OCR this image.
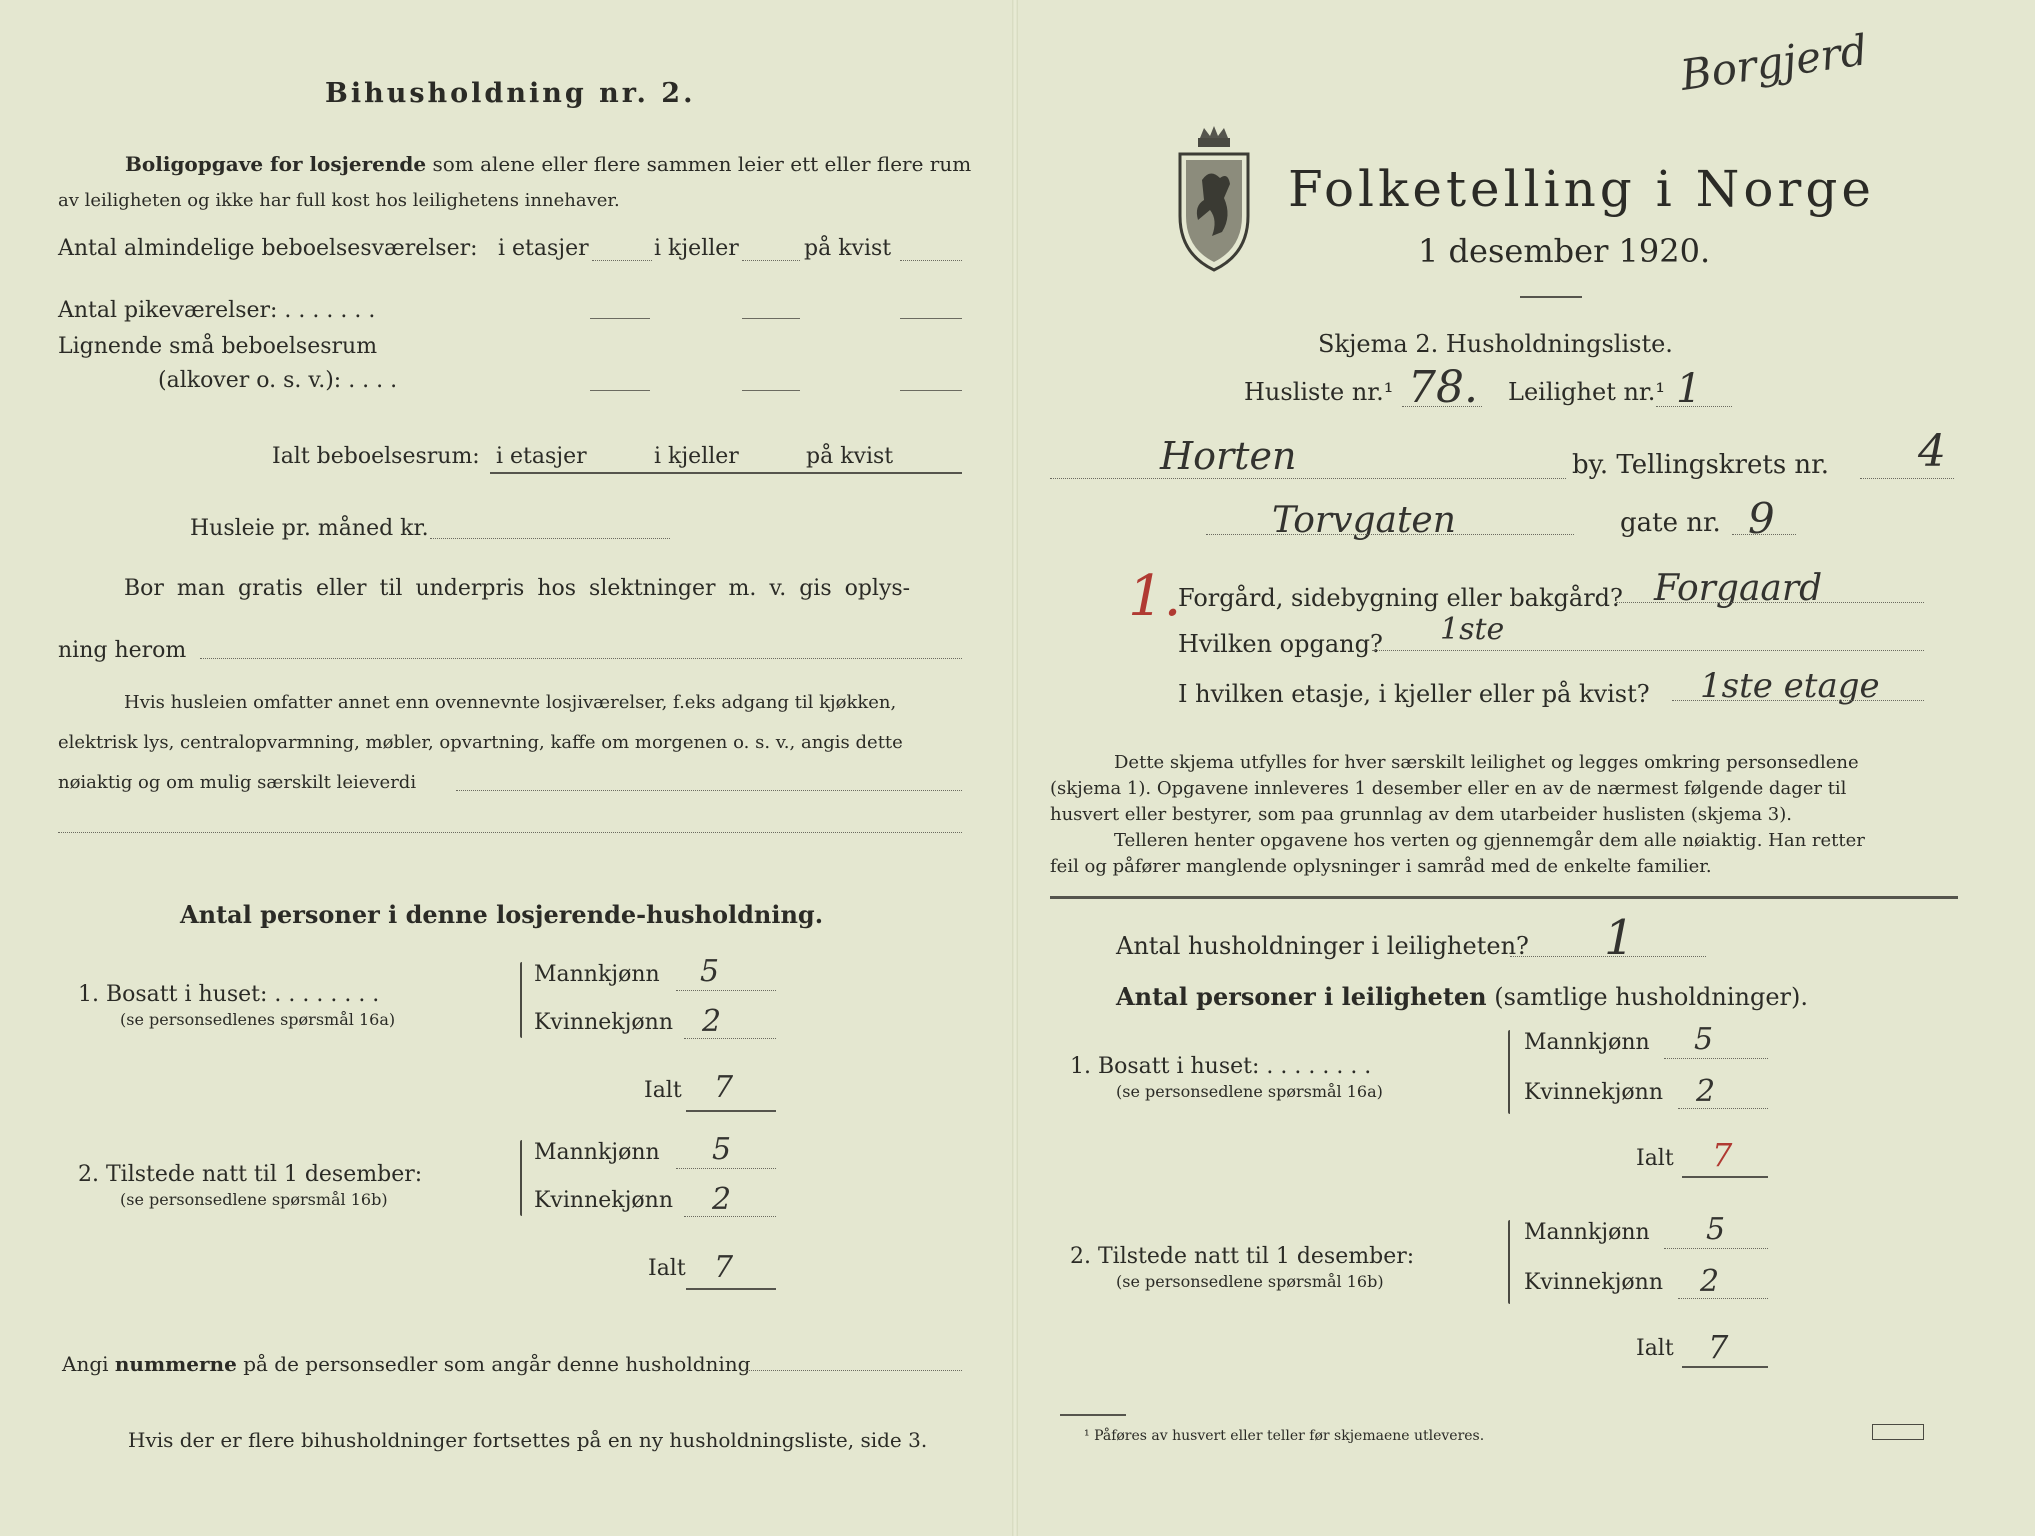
Bihusholdning nr. 2.
Boligopgave for losjerende som alene eller flere sammen leier ett eller flere rum
av leiligheten og ikke har full kost hos leilighetens innehaver.
Antal almindelige beboelsesværelser: i etasjer	i kjeller	på kvist
Antal pikeværelser: . . . . . . .
Lignende små beboelsesrum
(alkover o. s. v.): . . . .
Ialt beboelsesrum: i etasjer	i kjeller	på kvist
Husleie pr. måned kr.
Bor man gratis eller til underpris hos slektninger m. v. gis oplys-
ning herom
Hvis husleien omfatter annet enn ovennevnte losjiværelser, f.eks adgang til kjøkken,
elektrisk lys, centralopvarmning, møbler, opvartning, kaffe om morgenen o. s. v., angis dette
nøiaktig og om mulig særskilt leieverdi
Antal personer i denne losjerende-husholdning.
1. Bosatt i huset: . . . . . . . .
(se personsedlenes spørsmål 16a)
Mannkjønn 5
Kvinnekjønn 2
Ialt 7
2. Tilstede natt til 1 desember:
(se personsedlene spørsmål 16b)
Mannkjønn 5
Kvinnekjønn 2
Ialt 7
Angi nummerne på de personsedler som angår denne husholdning
Hvis der er flere bihusholdninger fortsettes på en ny husholdningsliste, side 3.
Borgjerd
Folketelling i Norge
1 desember 1920.
Skjema 2. Husholdningsliste.
Husliste nr.¹ 78. Leilighet nr.¹ 1
Horten	by. Tellingskrets nr. 4
Torvgaten	gate nr. 9
1.
Forgård, sidebygning eller bakgård? Forgaard
Hvilken opgang? 1ste
I hvilken etasje, i kjeller eller på kvist? 1ste etage
Dette skjema utfylles for hver særskilt leilighet og legges omkring personsedlene
(skjema 1). Opgavene innleveres 1 desember eller en av de nærmest følgende dager til
husvert eller bestyrer, som paa grunnlag av dem utarbeider huslisten (skjema 3).
Telleren henter opgavene hos verten og gjennemgår dem alle nøiaktig. Han retter
feil og påfører manglende oplysninger i samråd med de enkelte familier.
Antal husholdninger i leiligheten? 1
Antal personer i leiligheten (samtlige husholdninger).
1. Bosatt i huset: . . . . . . . .
(se personsedlene spørsmål 16a)
Mannkjønn 5
Kvinnekjønn 2
Ialt 7
2. Tilstede natt til 1 desember:
(se personsedlene spørsmål 16b)
Mannkjønn 5
Kvinnekjønn 2
Ialt 7
¹ Påføres av husvert eller teller før skjemaene utleveres.
